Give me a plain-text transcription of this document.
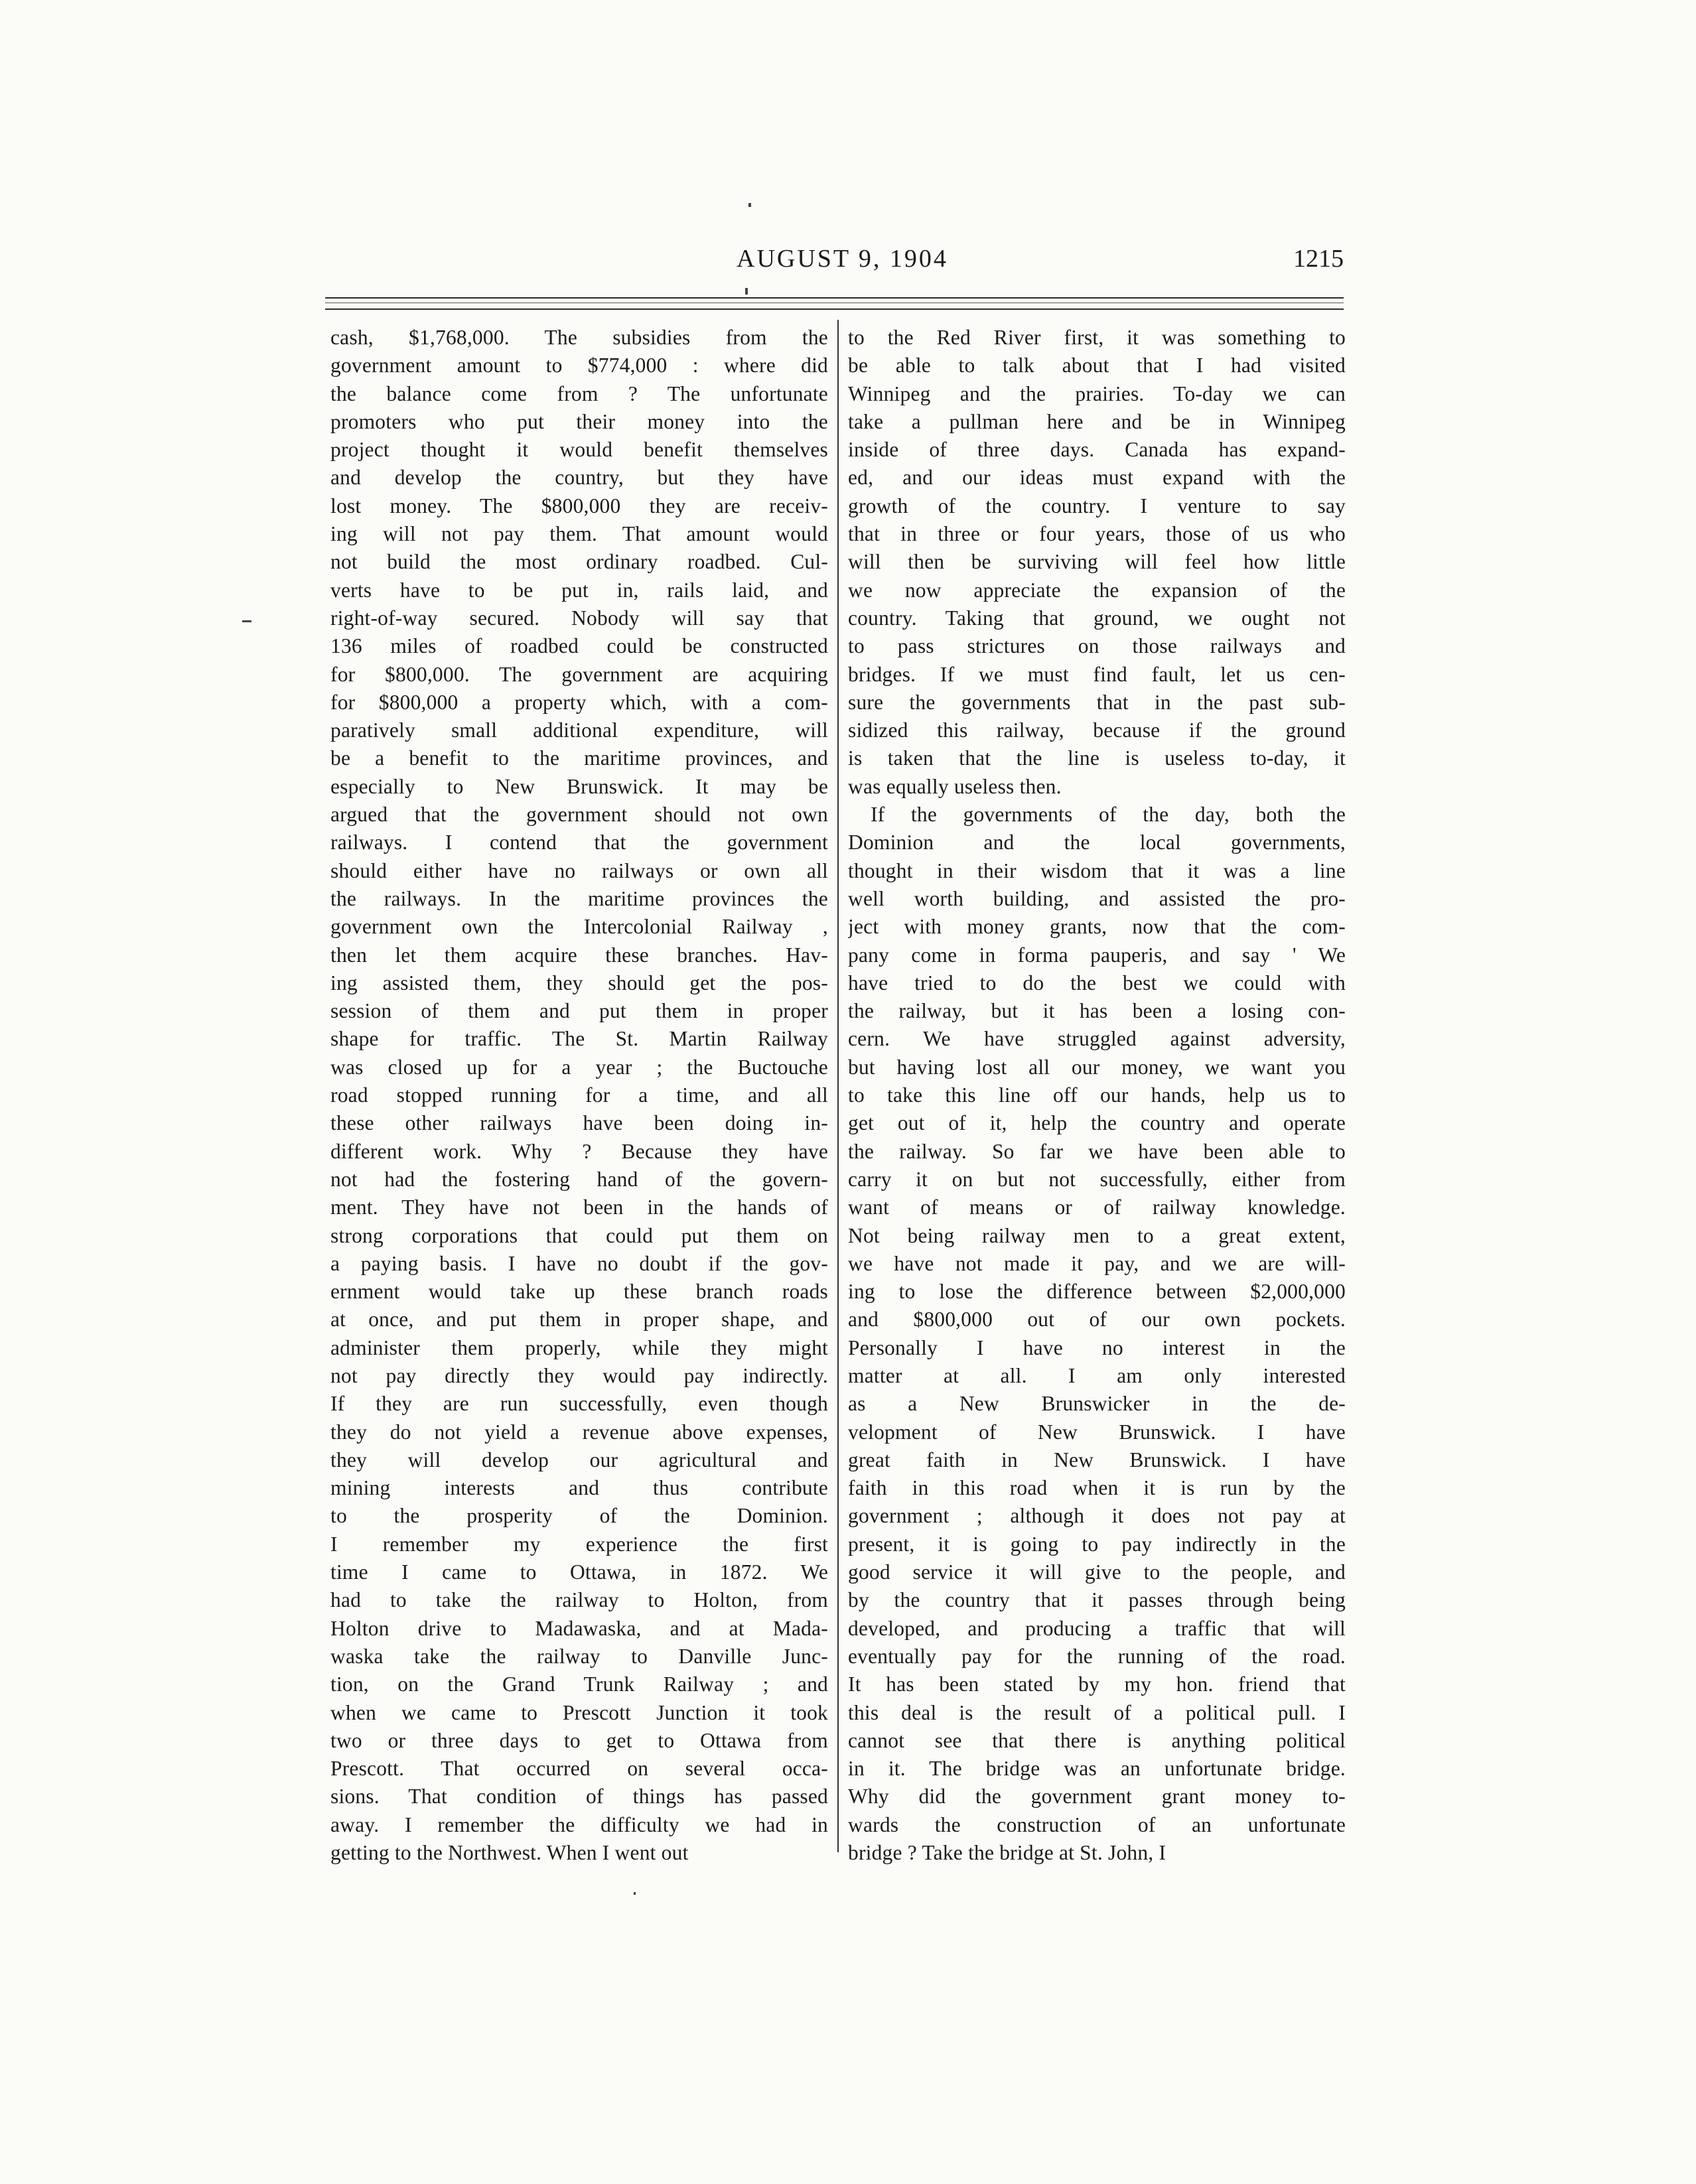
AUGUST 9, 1904	1215
cash, $1,768,000. The subsidies from the
government amount to $774,000 : where did
the balance come from ? The unfortunate
promoters who put their money into the
project thought it would benefit themselves
and develop the country, but they have
lost money. The $800,000 they are receiv-
ing will not pay them. That amount would
not build the most ordinary roadbed. Cul-
verts have to be put in, rails laid, and
right-of-way secured. Nobody will say that
136 miles of roadbed could be constructed
for $800,000. The government are acquiring
for $800,000 a property which, with a com-
paratively small additional expenditure, will
be a benefit to the maritime provinces, and
especially to New Brunswick. It may be
argued that the government should not own
railways. I contend that the government
should either have no railways or own all
the railways. In the maritime provinces the
government own the Intercolonial Railway ,
then let them acquire these branches. Hav-
ing assisted them, they should get the pos-
session of them and put them in proper
shape for traffic. The St. Martin Railway
was closed up for a year ; the Buctouche
road stopped running for a time, and all
these other railways have been doing in-
different work. Why ? Because they have
not had the fostering hand of the govern-
ment. They have not been in the hands of
strong corporations that could put them on
a paying basis. I have no doubt if the gov-
ernment would take up these branch roads
at once, and put them in proper shape, and
administer them properly, while they might
not pay directly they would pay indirectly.
If they are run successfully, even though
they do not yield a revenue above expenses,
they will develop our agricultural and
mining interests and thus contribute
to the prosperity of the Dominion.
I remember my experience the first
time I came to Ottawa, in 1872. We
had to take the railway to Holton, from
Holton drive to Madawaska, and at Mada-
waska take the railway to Danville Junc-
tion, on the Grand Trunk Railway ; and
when we came to Prescott Junction it took
two or three days to get to Ottawa from
Prescott. That occurred on several occa-
sions. That condition of things has passed
away. I remember the difficulty we had in
getting to the Northwest. When I went out
to the Red River first, it was something to
be able to talk about that I had visited
Winnipeg and the prairies. To-day we can
take a pullman here and be in Winnipeg
inside of three days. Canada has expand-
ed, and our ideas must expand with the
growth of the country. I venture to say
that in three or four years, those of us who
will then be surviving will feel how little
we now appreciate the expansion of the
country. Taking that ground, we ought not
to pass strictures on those railways and
bridges. If we must find fault, let us cen-
sure the governments that in the past sub-
sidized this railway, because if the ground
is taken that the line is useless to-day, it
was equally useless then.
If the governments of the day, both the
Dominion and the local governments,
thought in their wisdom that it was a line
well worth building, and assisted the pro-
ject with money grants, now that the com-
pany come in forma pauperis, and say ' We
have tried to do the best we could with
the railway, but it has been a losing con-
cern. We have struggled against adversity,
but having lost all our money, we want you
to take this line off our hands, help us to
get out of it, help the country and operate
the railway. So far we have been able to
carry it on but not successfully, either from
want of means or of railway knowledge.
Not being railway men to a great extent,
we have not made it pay, and we are will-
ing to lose the difference between $2,000,000
and $800,000 out of our own pockets.
Personally I have no interest in the
matter at all. I am only interested
as a New Brunswicker in the de-
velopment of New Brunswick. I have
great faith in New Brunswick. I have
faith in this road when it is run by the
government ; although it does not pay at
present, it is going to pay indirectly in the
good service it will give to the people, and
by the country that it passes through being
developed, and producing a traffic that will
eventually pay for the running of the road.
It has been stated by my hon. friend that
this deal is the result of a political pull. I
cannot see that there is anything political
in it. The bridge was an unfortunate bridge.
Why did the government grant money to-
wards the construction of an unfortunate
bridge ? Take the bridge at St. John, I
